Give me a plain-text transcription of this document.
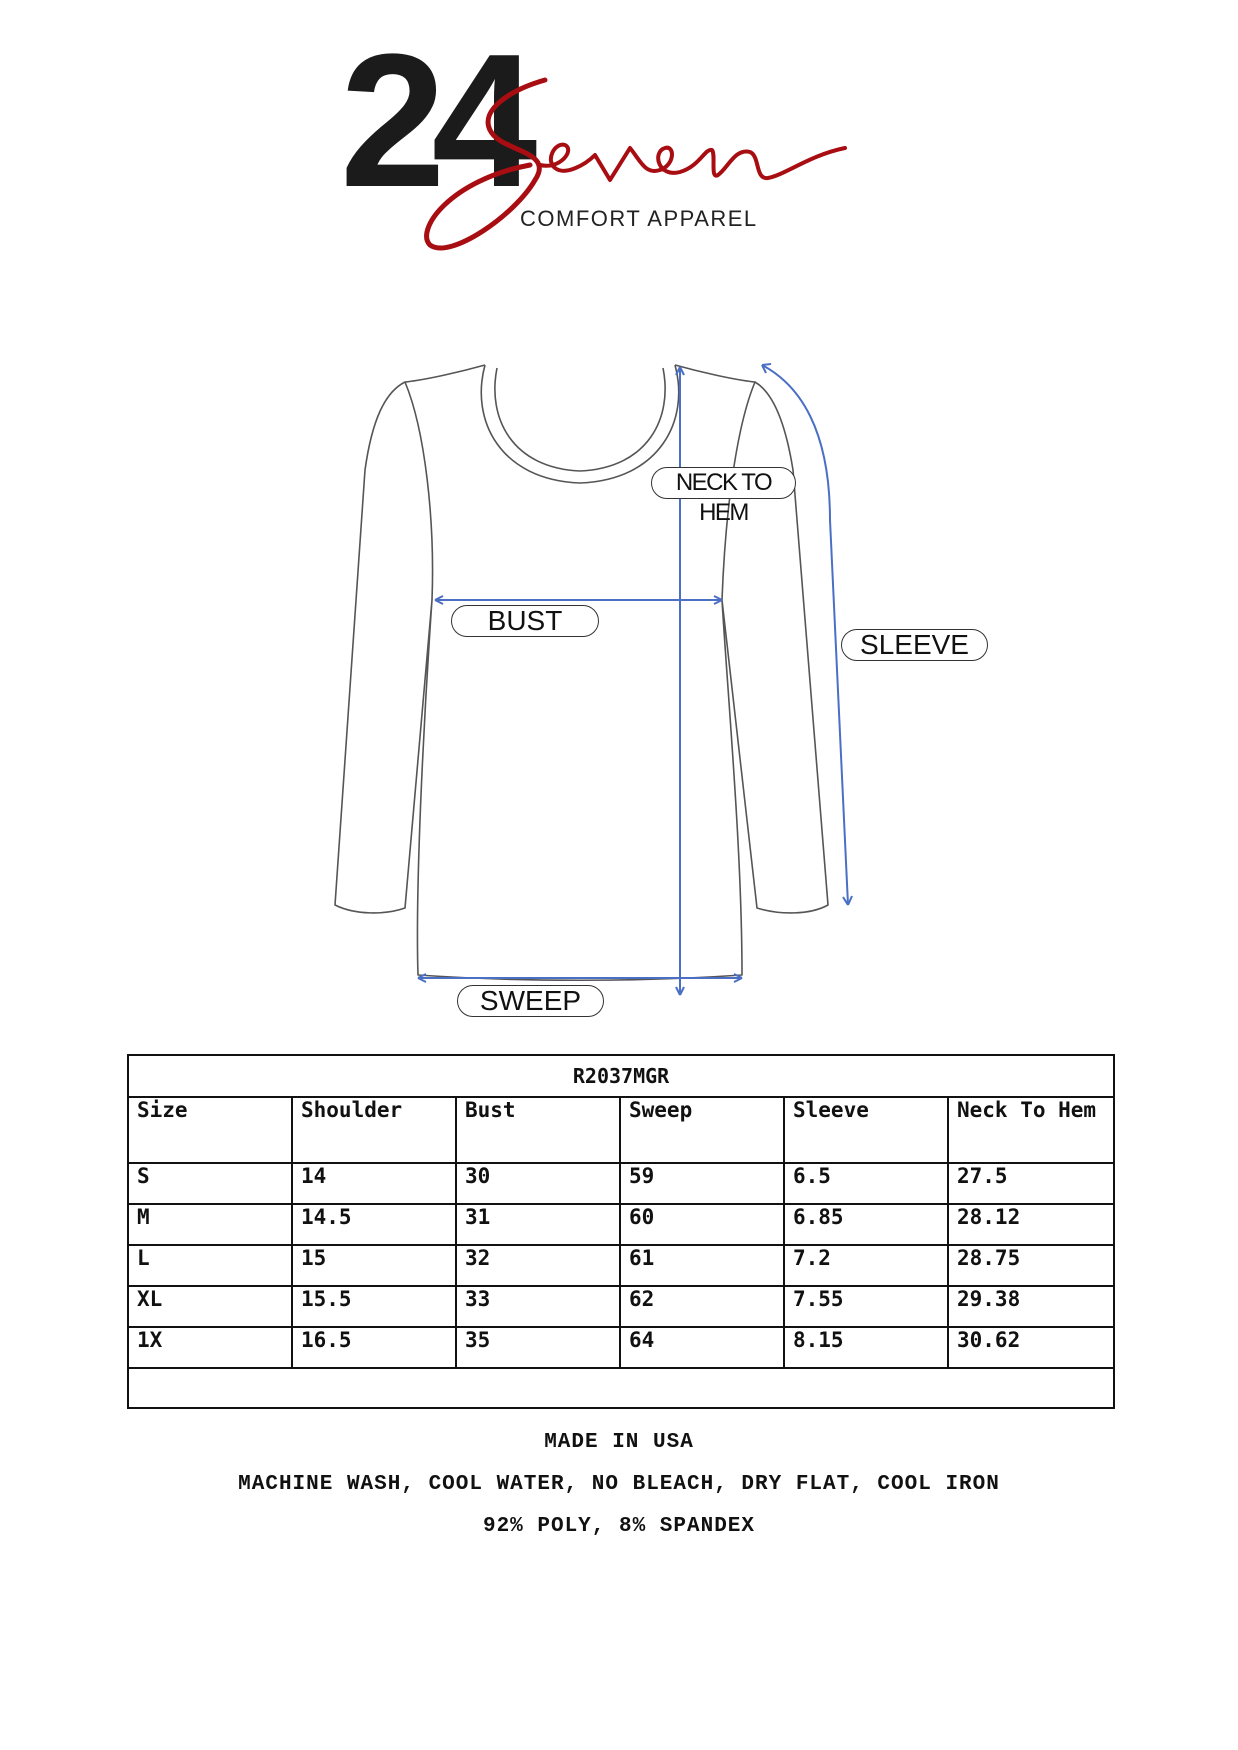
24
COMFORT APPAREL
NECK TO HEM
BUST
SLEEVE
SWEEP
R2037MGR					
Size	Shoulder	Bust	Sweep	Sleeve	Neck To Hem
S	14	30	59	6.5	27.5
M	14.5	31	60	6.85	28.12
L	15	32	61	7.2	28.75
XL	15.5	33	62	7.55	29.38
1X	16.5	35	64	8.15	30.62

MADE IN USA
MACHINE WASH, COOL WATER, NO BLEACH, DRY FLAT, COOL IRON
92% POLY, 8% SPANDEX
